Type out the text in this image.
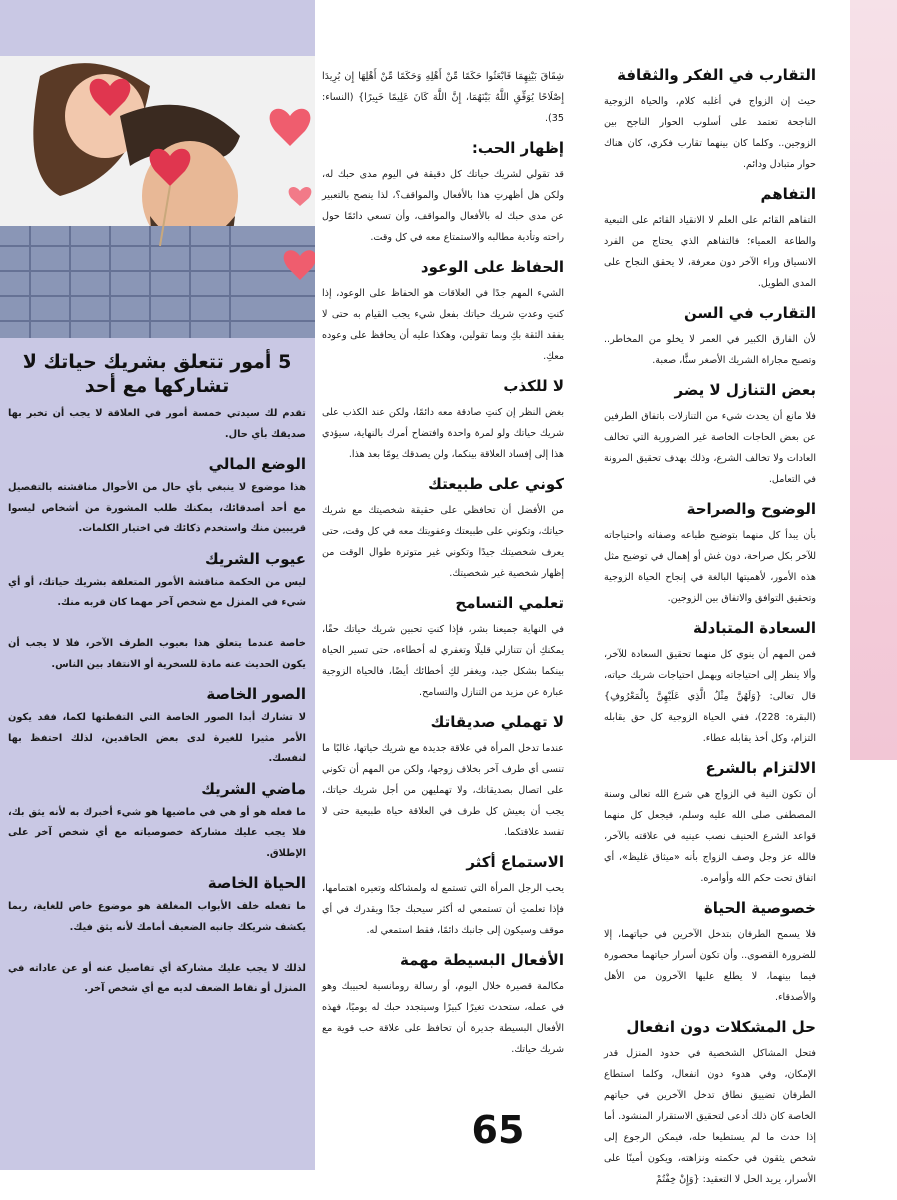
التقارب في الفكر والثقافة
حيث إن الزواج في أغلبه كلام، والحياة الزوجية الناجحة تعتمد على أسلوب الحوار الناجح بين الزوجين.. وكلما كان بينهما تقارب فكري، كان هناك حوار متبادل ودائم.
التفاهم
التفاهم القائم على العلم لا الانقياد القائم على التبعية والطاعة العمياء؛ فالتفاهم الذي يحتاج من الفرد الانسياق وراء الآخر دون معرفة، لا يحقق النجاح على المدى الطويل.
التقارب في السن
لأن الفارق الكبير في العمر لا يخلو من المخاطر.. وتصبح مجاراة الشريك الأصغر سنًّا، صعبة.
بعض التنازل لا يضر
فلا مانع أن يحدث شيء من التنازلات باتفاق الطرفين عن بعض الحاجات الخاصة غير الضرورية التي تخالف العادات ولا تخالف الشرع، وذلك بهدف تحقيق المرونة في التعامل.
الوضوح والصراحة
بأن يبدأ كل منهما بتوضيح طباعه وصفاته واحتياجاته للآخر بكل صراحة، دون غش أو إهمال في توضيح مثل هذه الأمور، لأهميتها البالغة في إنجاح الحياة الزوجية وتحقيق التوافق والاتفاق بين الزوجين.
السعادة المتبادلة
فمن المهم أن ينوي كل منهما تحقيق السعادة للآخر، وألا ينظر إلى احتياجاته ويهمل احتياجات شريك حياته، قال تعالى: {وَلَهُنَّ مِثْلُ الَّذِي عَلَيْهِنَّ بِالْمَعْرُوفِ} (البقرة: 228)، ففي الحياة الزوجية كل حق يقابله التزام، وكل أخذ يقابله عطاء.
الالتزام بالشرع
أن تكون النية في الزواج هي شرع الله تعالى وسنة المصطفى صلى الله عليه وسلم، فيجعل كل منهما قواعد الشرع الحنيف نصب عينيه في علاقته بالآخر، فالله عز وجل وصف الزواج بأنه «ميثاق غليظ»، أي اتفاق تحت حكم الله وأوامره.
خصوصية الحياة
فلا يسمح الطرفان بتدخل الآخرين في حياتهما، إلا للضرورة القصوى.. وأن تكون أسرار حياتهما محصورة فيما بينهما، لا يطلع عليها الآخرون من الأهل والأصدقاء.
حل المشكلات دون انفعال
فتحل المشاكل الشخصية في حدود المنزل قدر الإمكان، وفي هدوء دون انفعال، وكلما استطاع الطرفان تضييق نطاق تدخل الآخرين في حياتهم الخاصة كان ذلك أدعى لتحقيق الاستقرار المنشود. أما إذا حدث ما لم يستطيعا حله، فيمكن الرجوع إلى شخص يثقون في حكمته ونزاهته، ويكون أمينًا على الأسرار، يريد الحل لا التعقيد: {وَإِنْ خِفْتُمْ
شِقَاقَ بَيْنِهِمَا فَابْعَثُوا حَكَمًا مِّنْ أَهْلِهِ وَحَكَمًا مِّنْ أَهْلِهَا إِن يُرِيدَا إِصْلَاحًا يُوَفِّقِ اللَّهُ بَيْنَهُمَا، إِنَّ اللَّهَ كَانَ عَلِيمًا خَبِيرًا} (النساء: 35).
إظهار الحب:
قد تقولي لشريك حياتك كل دقيقة في اليوم مدى حبك له، ولكن هل أظهرتِ هذا بالأفعال والمواقف؟، لذا ينصح بالتعبير عن مدى حبك له بالأفعال والمواقف، وأن تسعي دائمًا حول راحته وتأدية مطالبه والاستمتاع معه في كل وقت.
الحفاظ على الوعود
الشيء المهم جدًا في العلاقات هو الحفاظ على الوعود، إذا كنتِ وعدتِ شريك حياتك بفعل شيء يجب القيام به حتى لا يفقد الثقة بكِ وبما تقولين، وهكذا عليه أن يحافظ على وعوده معكِ.
لا للكذب
بغض النظر إن كنتِ صادقة معه دائمًا، ولكن عند الكذب على شريك حياتك ولو لمرة واحدة وافتضاح أمرك بالنهاية، سيؤدي هذا إلى إفساد العلاقة بينكما، ولن يصدقك يومًا بعد هذا.
كوني على طبيعتك
من الأفضل أن تحافظي على حقيقة شخصيتك مع شريك حياتك، وتكوني على طبيعتك وعفويتك معه في كل وقت، حتى يعرف شخصيتك جيدًا وتكوني غير متوترة طوال الوقت من إظهار شخصية غير شخصيتك.
تعلمي التسامح
في النهاية جميعنا بشر، فإذا كنتِ تحبين شريك حياتك حقًا، يمكنكِ أن تتنازلي قليلًا وتغفري له أخطاءه، حتى تسير الحياة بينكما بشكل جيد، ويغفر لكِ أخطائك أيضًا، فالحياة الزوجية عبارة عن مزيد من التنازل والتسامح.
لا تهملي صديقاتك
عندما تدخل المرأة في علاقة جديدة مع شريك حياتها، غالبًا ما تنسى أي طرف آخر بخلاف زوجها، ولكن من المهم أن تكوني على اتصال بصديقاتك، ولا تهمليهن من أجل شريك حياتك، يجب أن يعيش كل طرف في العلاقة حياة طبيعية حتى لا تفسد علاقتكما.
الاستماع أكثر
يحب الرجل المرأة التي تستمع له ولمشاكله وتعيره اهتمامها، فإذا تعلمتِ أن تستمعي له أكثر سيحبك جدًا ويقدرك في أي موقف وسيكون إلى جانبك دائمًا، فقط استمعي له.
الأفعال البسيطة مهمة
مكالمة قصيرة خلال اليوم، أو رسالة رومانسية لحبيبك وهو في عمله، ستحدث تغيرًا كبيرًا وسيتجدد حبك له يوميًا، فهذه الأفعال البسيطة جديرة أن تحافظ على علاقة حب قوية مع شريك حياتك.
5 أمور تتعلق بشريك حياتك لا تشاركها مع أحد
تقدم لك سيدتي خمسة أمور في العلاقة لا يجب أن تخبر بها صديقك بأي حال.
الوضع المالي
هذا موضوع لا ينبغي بأي حال من الأحوال مناقشته بالتفصيل مع أحد أصدقائك، يمكنك طلب المشورة من أشخاص ليسوا قريبين منك واستخدم ذكائك في اختيار الكلمات.
عيوب الشريك
ليس من الحكمة مناقشة الأمور المتعلقة بشريك حياتك، أو أي شيء في المنزل مع شخص آخر مهما كان قربه منك.

خاصة عندما يتعلق هذا بعيوب الطرف الآخر، فلا لا يجب أن يكون الحديث عنه مادة للسخرية أو الانتقاد بين الناس.
الصور الخاصة
لا تشارك أبدا الصور الخاصة التي التقطتها لكما، فقد يكون الأمر مثيرا للغيرة لدى بعض الحاقدين، لذلك احتفظ بها لنفسك.
ماضي الشريك
ما فعله هو أو هي في ماضيها هو شيء أخبرك به لأنه يثق بك، فلا يجب عليك مشاركة خصوصياته مع أي شخص آخر على الإطلاق.
الحياة الخاصة
ما تفعله خلف الأبواب المغلقة هو موضوع خاص للغاية، ربما يكشف شريكك جانبه الضعيف أمامك لأنه يثق فيك.

لذلك لا يجب عليك مشاركة أي تفاصيل عنه أو عن عاداته في المنزل أو نقاط الضعف لديه مع أي شخص آخر.
65
